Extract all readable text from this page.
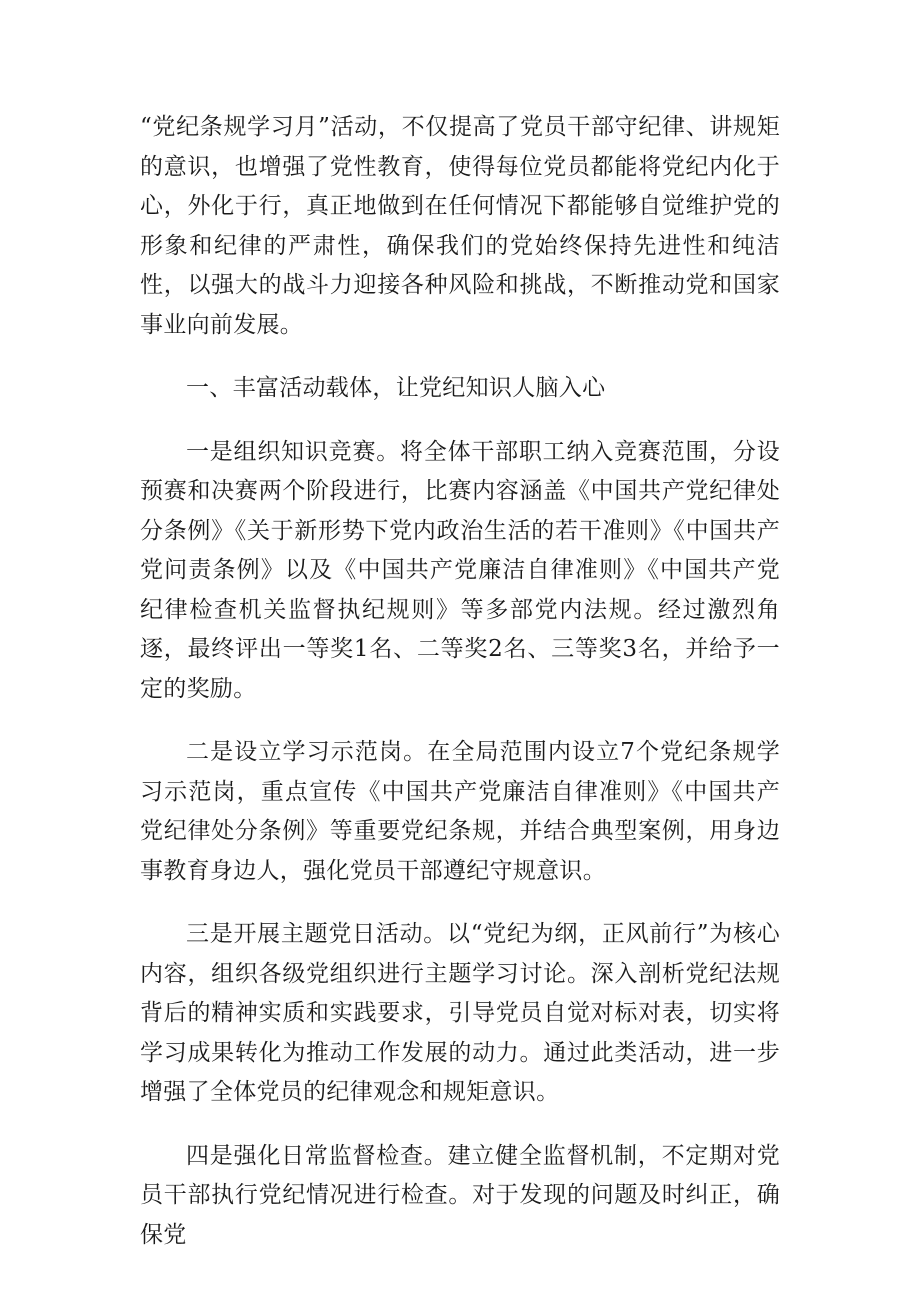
“党纪条规学习月”活动，不仅提高了党员干部守纪律、讲规矩的意识，也增强了党性教育，使得每位党员都能将党纪内化于心，外化于行，真正地做到在任何情况下都能够自觉维护党的形象和纪律的严肃性，确保我们的党始终保持先进性和纯洁性，以强大的战斗力迎接各种风险和挑战，不断推动党和国家事业向前发展。

一、丰富活动载体，让党纪知识人脑入心

一是组织知识竞赛。将全体干部职工纳入竞赛范围，分设预赛和决赛两个阶段进行，比赛内容涵盖《中国共产党纪律处分条例》《关于新形势下党内政治生活的若干准则》《中国共产党问责条例》以及《中国共产党廉洁自律准则》《中国共产党纪律检查机关监督执纪规则》等多部党内法规。经过激烈角逐，最终评出一等奖1名、二等奖2名、三等奖3名，并给予一定的奖励。

二是设立学习示范岗。在全局范围内设立7个党纪条规学习示范岗，重点宣传《中国共产党廉洁自律准则》《中国共产党纪律处分条例》等重要党纪条规，并结合典型案例，用身边事教育身边人，强化党员干部遵纪守规意识。

三是开展主题党日活动。以“党纪为纲，正风前行”为核心内容，组织各级党组织进行主题学习讨论。深入剖析党纪法规背后的精神实质和实践要求，引导党员自觉对标对表，切实将学习成果转化为推动工作发展的动力。通过此类活动，进一步增强了全体党员的纪律观念和规矩意识。

四是强化日常监督检查。建立健全监督机制，不定期对党员干部执行党纪情况进行检查。对于发现的问题及时纠正，确保党
